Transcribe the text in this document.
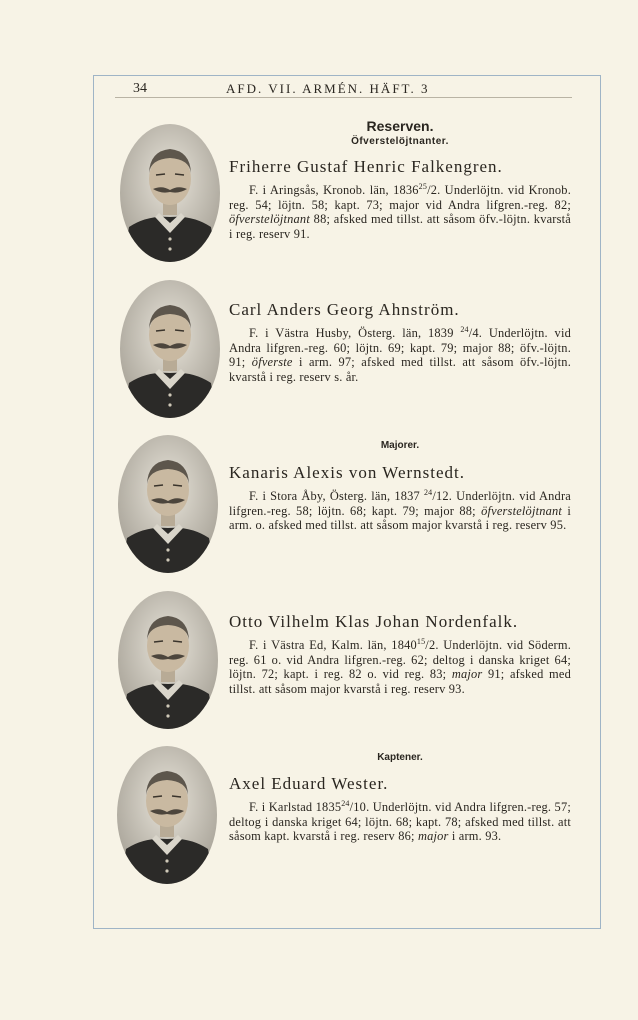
34	AFD. VII. ARMÉN. HÄFT. 3
Reserven.
Öfverstelöjtnanter.
Majorer.
Kaptener.
Friherre Gustaf Henric Falkengren.

F. i Aringsås, Kronob. län, 1836$^{25}$/2. Underlöjtn. vid Kronob. reg. 54; löjtn. 58; kapt. 73; major vid Andra lifgren.-reg. 82; öfverstelöjtnant 88; afsked med tillst. att såsom öfv.-löjtn. kvarstå i reg. reserv 91.

Carl Anders Georg Ahnström.

F. i Västra Husby, Österg. län, 1839 $^{24}$/4. Underlöjtn. vid Andra lifgren.-reg. 60; löjtn. 69; kapt. 79; major 88; öfv.-löjtn. 91; öfverste i arm. 97; afsked med tillst. att såsom öfv.-löjtn. kvarstå i reg. reserv s. år.

Kanaris Alexis von Wernstedt.

F. i Stora Åby, Österg. län, 1837 $^{24}$/12. Underlöjtn. vid Andra lifgren.-reg. 58; löjtn. 68; kapt. 79; major 88; öfverstelöjtnant i arm. o. afsked med tillst. att såsom major kvarstå i reg. reserv 95.

Otto Vilhelm Klas Johan Nordenfalk.

F. i Västra Ed, Kalm. län, 1840$^{15}$/2. Underlöjtn. vid Söderm. reg. 61 o. vid Andra lifgren.-reg. 62; deltog i danska kriget 64; löjtn. 72; kapt. i reg. 82 o. vid reg. 83; major 91; afsked med tillst. att såsom major kvarstå i reg. reserv 93.

Axel Eduard Wester.

F. i Karlstad 1835$^{24}$/10. Underlöjtn. vid Andra lifgren.-reg. 57; deltog i danska kriget 64; löjtn. 68; kapt. 78; afsked med tillst. att såsom kapt. kvarstå i reg. reserv 86; major i arm. 93.
